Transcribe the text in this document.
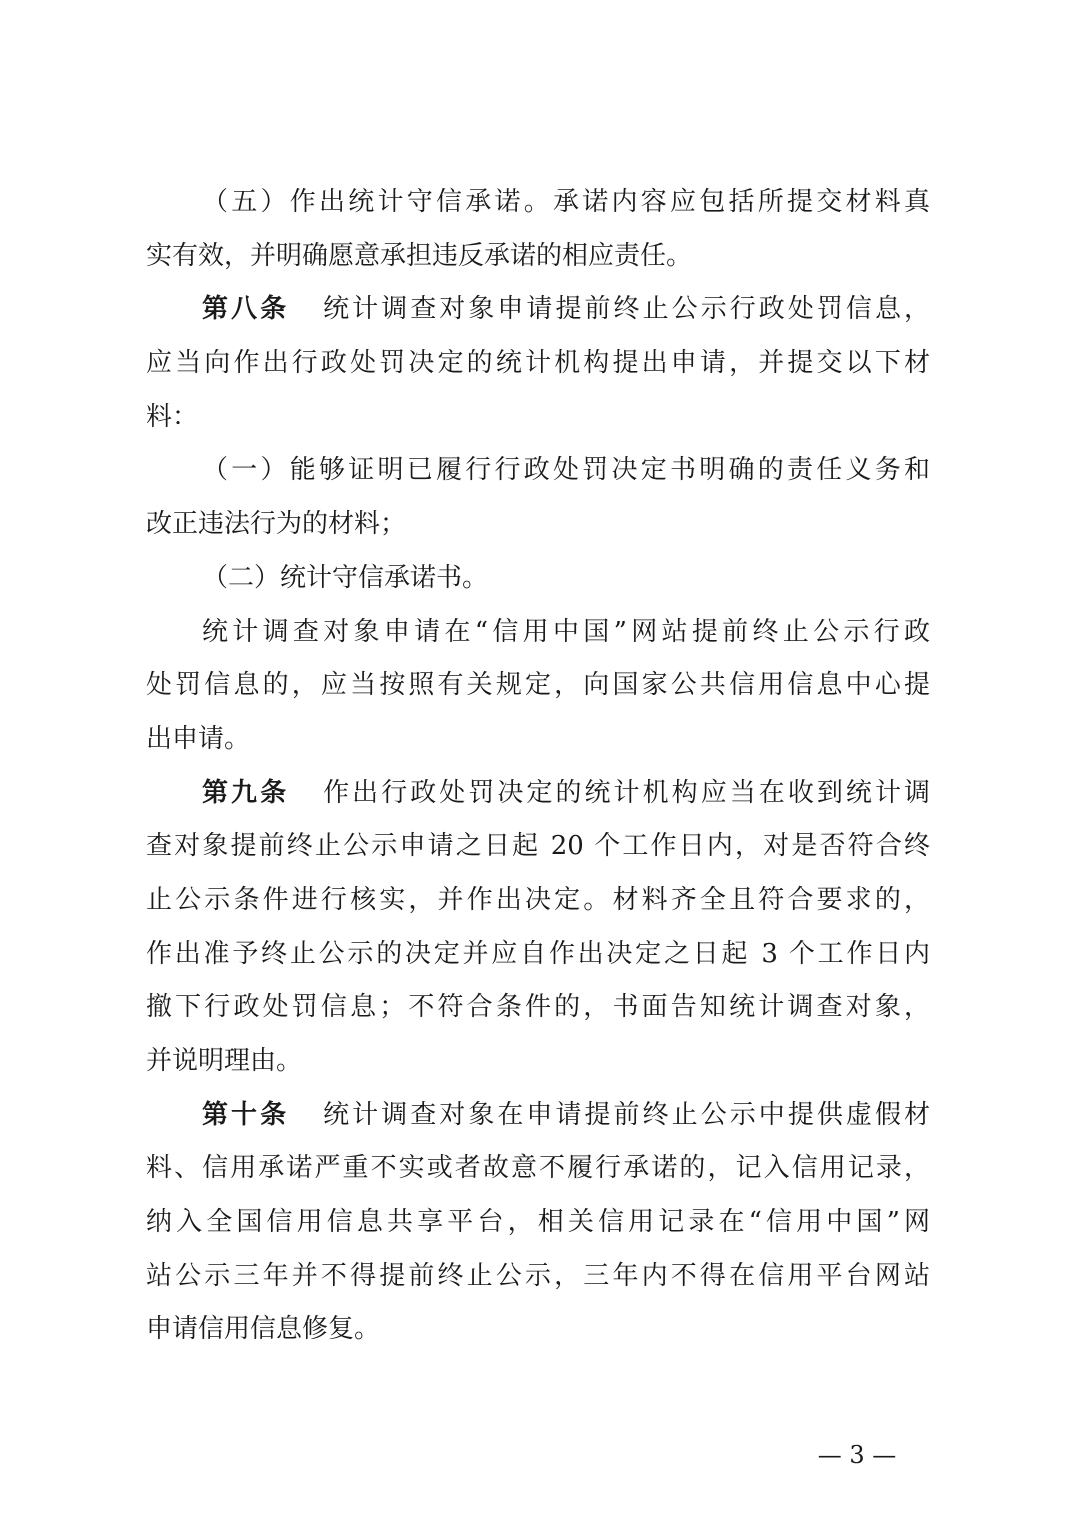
（五）作出统计守信承诺。承诺内容应包括所提交材料真
实有效，并明确愿意承担违反承诺的相应责任。
第八条 统计调查对象申请提前终止公示行政处罚信息，
应当向作出行政处罚决定的统计机构提出申请，并提交以下材
料：
（一）能够证明已履行行政处罚决定书明确的责任义务和
改正违法行为的材料；
（二）统计守信承诺书。
统计调查对象申请在“信用中国”网站提前终止公示行政
处罚信息的，应当按照有关规定，向国家公共信用信息中心提
出申请。
第九条 作出行政处罚决定的统计机构应当在收到统计调
查对象提前终止公示申请之日起 20 个工作日内，对是否符合终
止公示条件进行核实，并作出决定。材料齐全且符合要求的，
作出准予终止公示的决定并应自作出决定之日起 3 个工作日内
撤下行政处罚信息；不符合条件的，书面告知统计调查对象，
并说明理由。
第十条 统计调查对象在申请提前终止公示中提供虚假材
料、信用承诺严重不实或者故意不履行承诺的，记入信用记录，
纳入全国信用信息共享平台，相关信用记录在“信用中国”网
站公示三年并不得提前终止公示，三年内不得在信用平台网站
申请信用信息修复。
— 3 —
